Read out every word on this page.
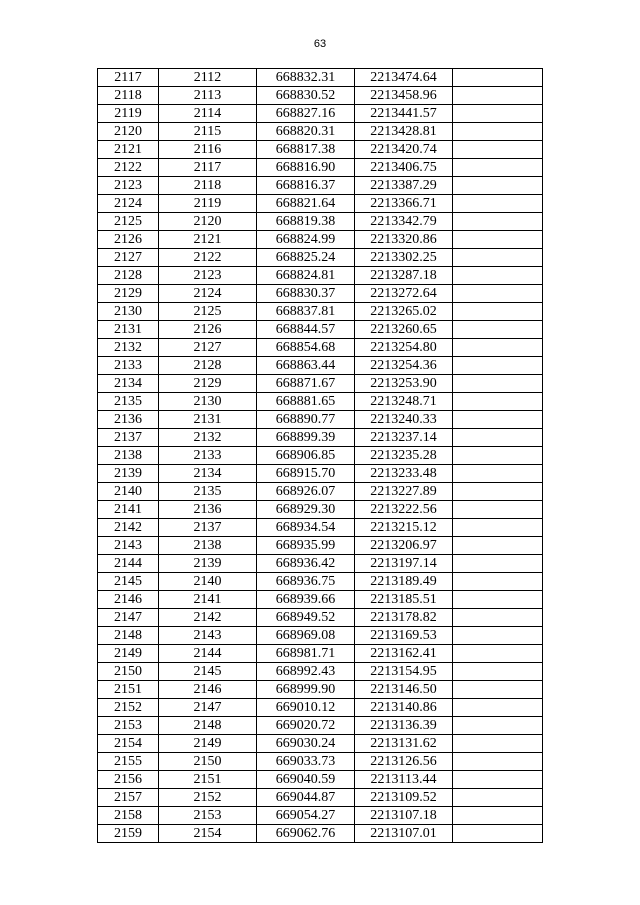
63
2117	2112	668832.31	2213474.64	
2118	2113	668830.52	2213458.96	
2119	2114	668827.16	2213441.57	
2120	2115	668820.31	2213428.81	
2121	2116	668817.38	2213420.74	
2122	2117	668816.90	2213406.75	
2123	2118	668816.37	2213387.29	
2124	2119	668821.64	2213366.71	
2125	2120	668819.38	2213342.79	
2126	2121	668824.99	2213320.86	
2127	2122	668825.24	2213302.25	
2128	2123	668824.81	2213287.18	
2129	2124	668830.37	2213272.64	
2130	2125	668837.81	2213265.02	
2131	2126	668844.57	2213260.65	
2132	2127	668854.68	2213254.80	
2133	2128	668863.44	2213254.36	
2134	2129	668871.67	2213253.90	
2135	2130	668881.65	2213248.71	
2136	2131	668890.77	2213240.33	
2137	2132	668899.39	2213237.14	
2138	2133	668906.85	2213235.28	
2139	2134	668915.70	2213233.48	
2140	2135	668926.07	2213227.89	
2141	2136	668929.30	2213222.56	
2142	2137	668934.54	2213215.12	
2143	2138	668935.99	2213206.97	
2144	2139	668936.42	2213197.14	
2145	2140	668936.75	2213189.49	
2146	2141	668939.66	2213185.51	
2147	2142	668949.52	2213178.82	
2148	2143	668969.08	2213169.53	
2149	2144	668981.71	2213162.41	
2150	2145	668992.43	2213154.95	
2151	2146	668999.90	2213146.50	
2152	2147	669010.12	2213140.86	
2153	2148	669020.72	2213136.39	
2154	2149	669030.24	2213131.62	
2155	2150	669033.73	2213126.56	
2156	2151	669040.59	2213113.44	
2157	2152	669044.87	2213109.52	
2158	2153	669054.27	2213107.18	
2159	2154	669062.76	2213107.01	
